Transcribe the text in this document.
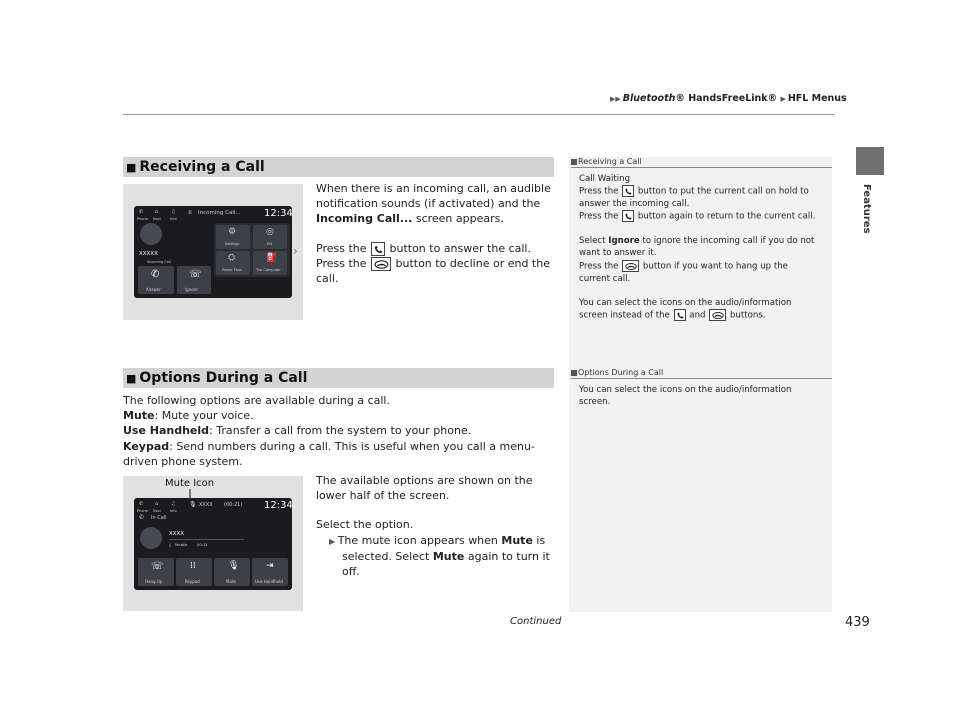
▶▶ Bluetooth® HandsFreeLink® ▶ HFL Menus
Features
■ Receiving a Call
✆ ⌂	♫
Phone Navi	Info
✆ Incoming Call... 12:34
XXXXX
Incoming Call
⚙
Settings
◎
Eld
⛭
Power Flow
⛽
Trip Computer
✆
Answer
☏
Ignore
›
When there is an incoming call, an audible notification sounds (if activated) and the Incoming Call... screen appears.
Press the
button to answer the call.
Press the
button to decline or end the call.
Receiving a Call
Call Waiting
Press the
button to put the current call on hold to answer the incoming call.
Press the
button again to return to the current call.
Select Ignore to ignore the incoming call if you do not want to answer it.
Press the
button if you want to hang up the current call.
You can select the icons on the audio/information screen instead of the
and
buttons.
■ Options During a Call	Options During a Call
You can select the icons on the audio/information screen.
The following options are available during a call.
Mute: Mute your voice.
Use Handheld: Transfer a call from the system to your phone.
Keypad: Send numbers during a call. This is useful when you call a menu-driven phone system.
Mute Icon
✆ ⌂	♫
Phone Navi	Info
🎙 XXXX (00:21) 12:34
✆ In Call
XXXX
▯ Mobile	00:21
☏
Hang Up
⁞⁞
Keypad
🎙
Mute
⇥
Use Handheld
The available options are shown on the lower half of the screen.
Select the option.
▶ The mute icon appears when Mute is selected. Select Mute again to turn it off.
Continued	439
